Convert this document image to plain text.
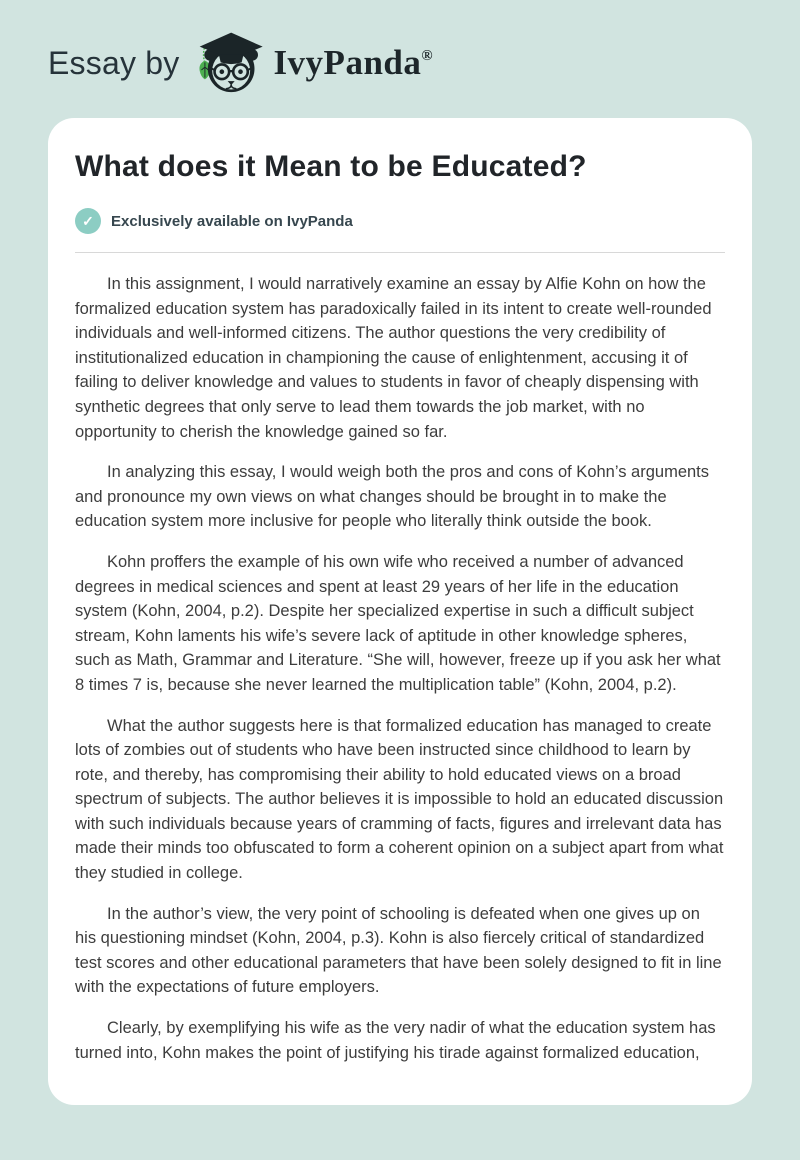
Essay by	IvyPanda®
What does it Mean to be Educated?
✓	Exclusively available on IvyPanda

In this assignment, I would narratively examine an essay by Alfie Kohn on how the formalized education system has paradoxically failed in its intent to create well-rounded individuals and well-informed citizens. The author questions the very credibility of institutionalized education in championing the cause of enlightenment, accusing it of failing to deliver knowledge and values to students in favor of cheaply dispensing with synthetic degrees that only serve to lead them towards the job market, with no opportunity to cherish the knowledge gained so far.

In analyzing this essay, I would weigh both the pros and cons of Kohn’s arguments and pronounce my own views on what changes should be brought in to make the education system more inclusive for people who literally think outside the book.

Kohn proffers the example of his own wife who received a number of advanced degrees in medical sciences and spent at least 29 years of her life in the education system (Kohn, 2004, p.2). Despite her specialized expertise in such a difficult subject stream, Kohn laments his wife’s severe lack of aptitude in other knowledge spheres, such as Math, Grammar and Literature. “She will, however, freeze up if you ask her what 8 times 7 is, because she never learned the multiplication table” (Kohn, 2004, p.2).

What the author suggests here is that formalized education has managed to create lots of zombies out of students who have been instructed since childhood to learn by rote, and thereby, has compromising their ability to hold educated views on a broad spectrum of subjects. The author believes it is impossible to hold an educated discussion with such individuals because years of cramming of facts, figures and irrelevant data has made their minds too obfuscated to form a coherent opinion on a subject apart from what they studied in college.

In the author’s view, the very point of schooling is defeated when one gives up on his questioning mindset (Kohn, 2004, p.3). Kohn is also fiercely critical of standardized test scores and other educational parameters that have been solely designed to fit in line with the expectations of future employers.

Clearly, by exemplifying his wife as the very nadir of what the education system has turned into, Kohn makes the point of justifying his tirade against formalized education,
